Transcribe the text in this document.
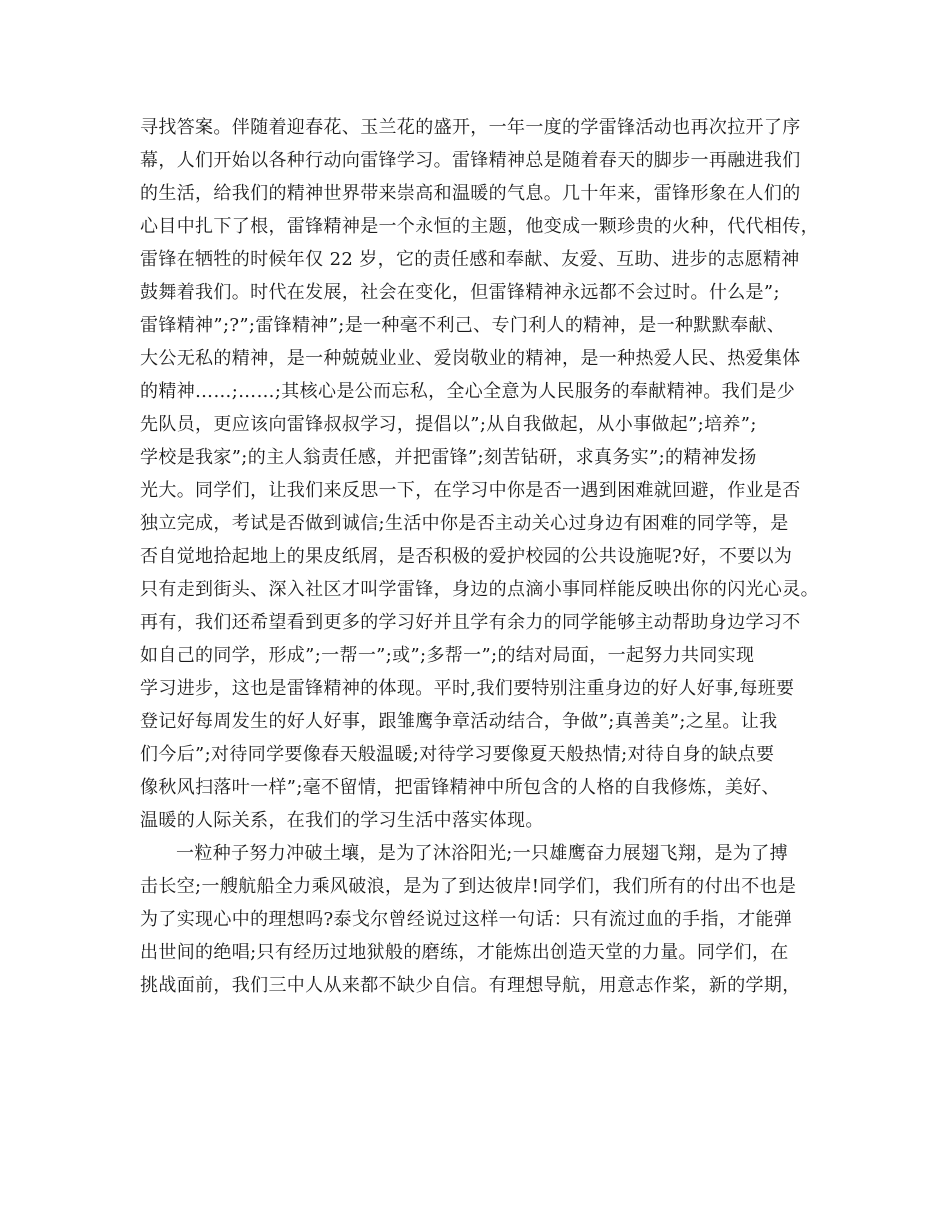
寻找答案。伴随着迎春花、玉兰花的盛开，一年一度的学雷锋活动也再次拉开了序
幕，人们开始以各种行动向雷锋学习。雷锋精神总是随着春天的脚步一再融进我们
的生活，给我们的精神世界带来崇高和温暖的气息。几十年来，雷锋形象在人们的
心目中扎下了根，雷锋精神是一个永恒的主题，他变成一颗珍贵的火种，代代相传，
雷锋在牺牲的时候年仅 22 岁，它的责任感和奉献、友爱、互助、进步的志愿精神
鼓舞着我们。时代在发展，社会在变化，但雷锋精神永远都不会过时。什么是”;
雷锋精神”;?”;雷锋精神”;是一种毫不利己、专门利人的精神，是一种默默奉献、
大公无私的精神，是一种兢兢业业、爱岗敬业的精神，是一种热爱人民、热爱集体
的精神……;……;其核心是公而忘私，全心全意为人民服务的奉献精神。我们是少
先队员，更应该向雷锋叔叔学习，提倡以”;从自我做起，从小事做起”;培养”;
学校是我家”;的主人翁责任感，并把雷锋”;刻苦钻研，求真务实”;的精神发扬
光大。同学们，让我们来反思一下，在学习中你是否一遇到困难就回避，作业是否
独立完成，考试是否做到诚信;生活中你是否主动关心过身边有困难的同学等，是
否自觉地拾起地上的果皮纸屑，是否积极的爱护校园的公共设施呢?好，不要以为
只有走到街头、深入社区才叫学雷锋，身边的点滴小事同样能反映出你的闪光心灵。
再有，我们还希望看到更多的学习好并且学有余力的同学能够主动帮助身边学习不
如自己的同学，形成”;一帮一”;或”;多帮一”;的结对局面，一起努力共同实现
学习进步，这也是雷锋精神的体现。平时,我们要特别注重身边的好人好事,每班要
登记好每周发生的好人好事，跟雏鹰争章活动结合，争做”;真善美”;之星。让我
们今后”;对待同学要像春天般温暖;对待学习要像夏天般热情;对待自身的缺点要
像秋风扫落叶一样”;毫不留情，把雷锋精神中所包含的人格的自我修炼，美好、
温暖的人际关系，在我们的学习生活中落实体现。
一粒种子努力冲破土壤，是为了沐浴阳光;一只雄鹰奋力展翅飞翔，是为了搏
击长空;一艘航船全力乘风破浪，是为了到达彼岸!同学们，我们所有的付出不也是
为了实现心中的理想吗?泰戈尔曾经说过这样一句话：只有流过血的手指，才能弹
出世间的绝唱;只有经历过地狱般的磨练，才能炼出创造天堂的力量。同学们，在
挑战面前，我们三中人从来都不缺少自信。有理想导航，用意志作桨，新的学期，
